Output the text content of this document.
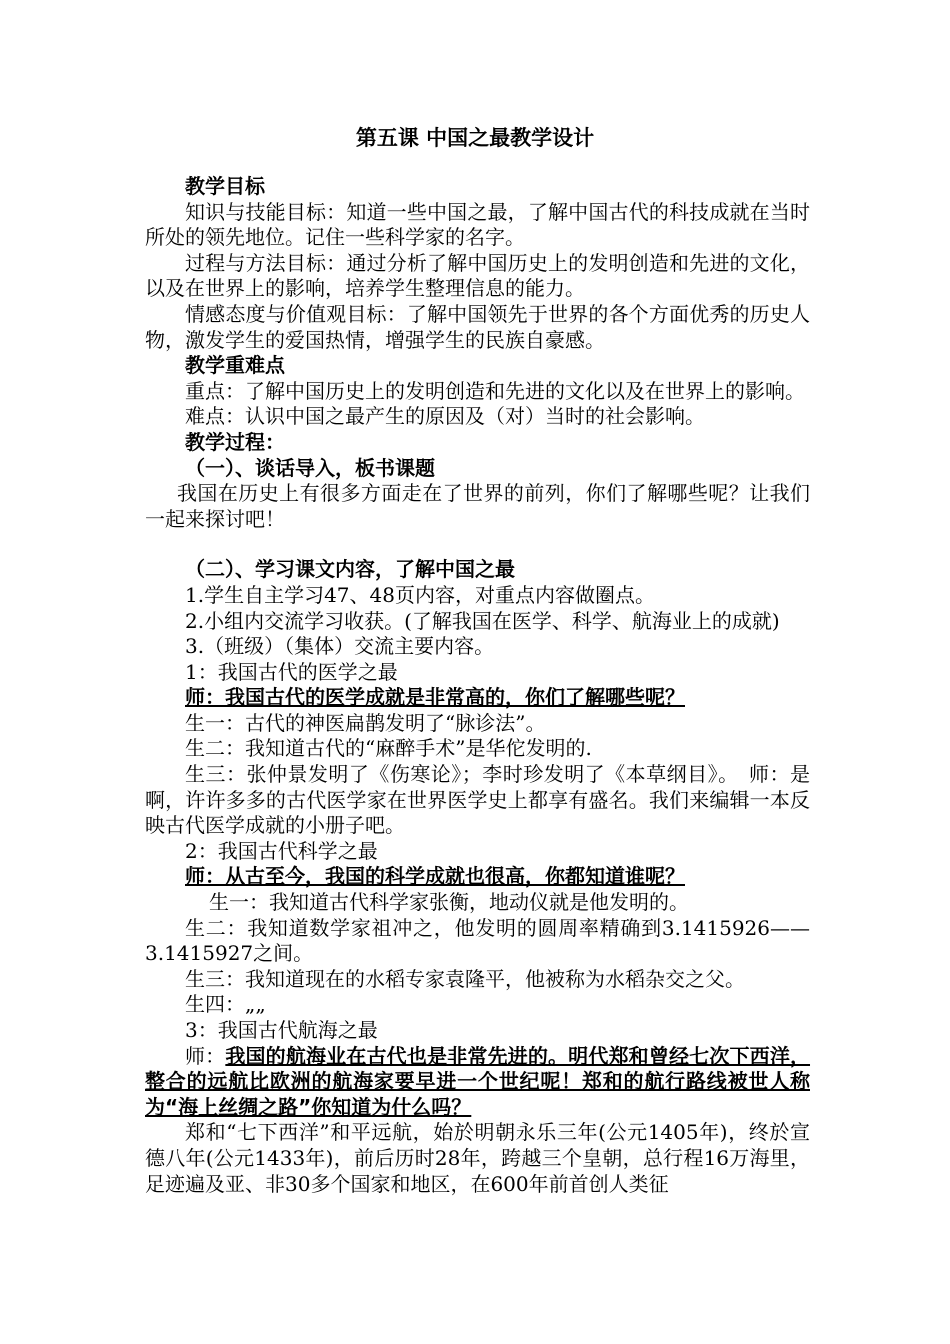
第五课 中国之最教学设计

教学目标

知识与技能目标：知道一些中国之最，了解中国古代的科技成就在当时所处的领先地位。记住一些科学家的名字。

过程与方法目标：通过分析了解中国历史上的发明创造和先进的文化，以及在世界上的影响，培养学生整理信息的能力。

情感态度与价值观目标：了解中国领先于世界的各个方面优秀的历史人物，激发学生的爱国热情，增强学生的民族自豪感。

教学重难点

重点：了解中国历史上的发明创造和先进的文化以及在世界上的影响。

难点：认识中国之最产生的原因及（对）当时的社会影响。

教学过程：

（一）、谈话导入，板书课题

我国在历史上有很多方面走在了世界的前列，你们了解哪些呢？让我们一起来探讨吧！

（二）、学习课文内容，了解中国之最

1.学生自主学习47、48页内容，对重点内容做圈点。

2.小组内交流学习收获。(了解我国在医学、科学、航海业上的成就)

3.（班级）（集体）交流主要内容。

1：我国古代的医学之最

师：我国古代的医学成就是非常高的，你们了解哪些呢？

生一：古代的神医扁鹊发明了“脉诊法”。

生二：我知道古代的“麻醉手术”是华佗发明的.

生三：张仲景发明了《伤寒论》；李时珍发明了《本草纲目》。　师：是啊，许许多多的古代医学家在世界医学史上都享有盛名。我们来编辑一本反映古代医学成就的小册子吧。

2：我国古代科学之最

师：从古至今，我国的科学成就也很高，你都知道谁呢？

生一：我知道古代科学家张衡，地动仪就是他发明的。

生二：我知道数学家祖冲之，他发明的圆周率精确到3.1415926——3.1415927之间。

生三：我知道现在的水稻专家袁隆平，他被称为水稻杂交之父。

生四：„„

3：我国古代航海之最

师：我国的航海业在古代也是非常先进的。明代郑和曾经七次下西洋，整合的远航比欧洲的航海家要早进一个世纪呢！郑和的航行路线被世人称为“海上丝绸之路”你知道为什么吗？

郑和“七下西洋”和平远航，始於明朝永乐三年(公元1405年)，终於宣德八年(公元1433年)，前后历时28年，跨越三个皇朝，总行程16万海里，足迹遍及亚、非30多个国家和地区，在600年前首创人类征
